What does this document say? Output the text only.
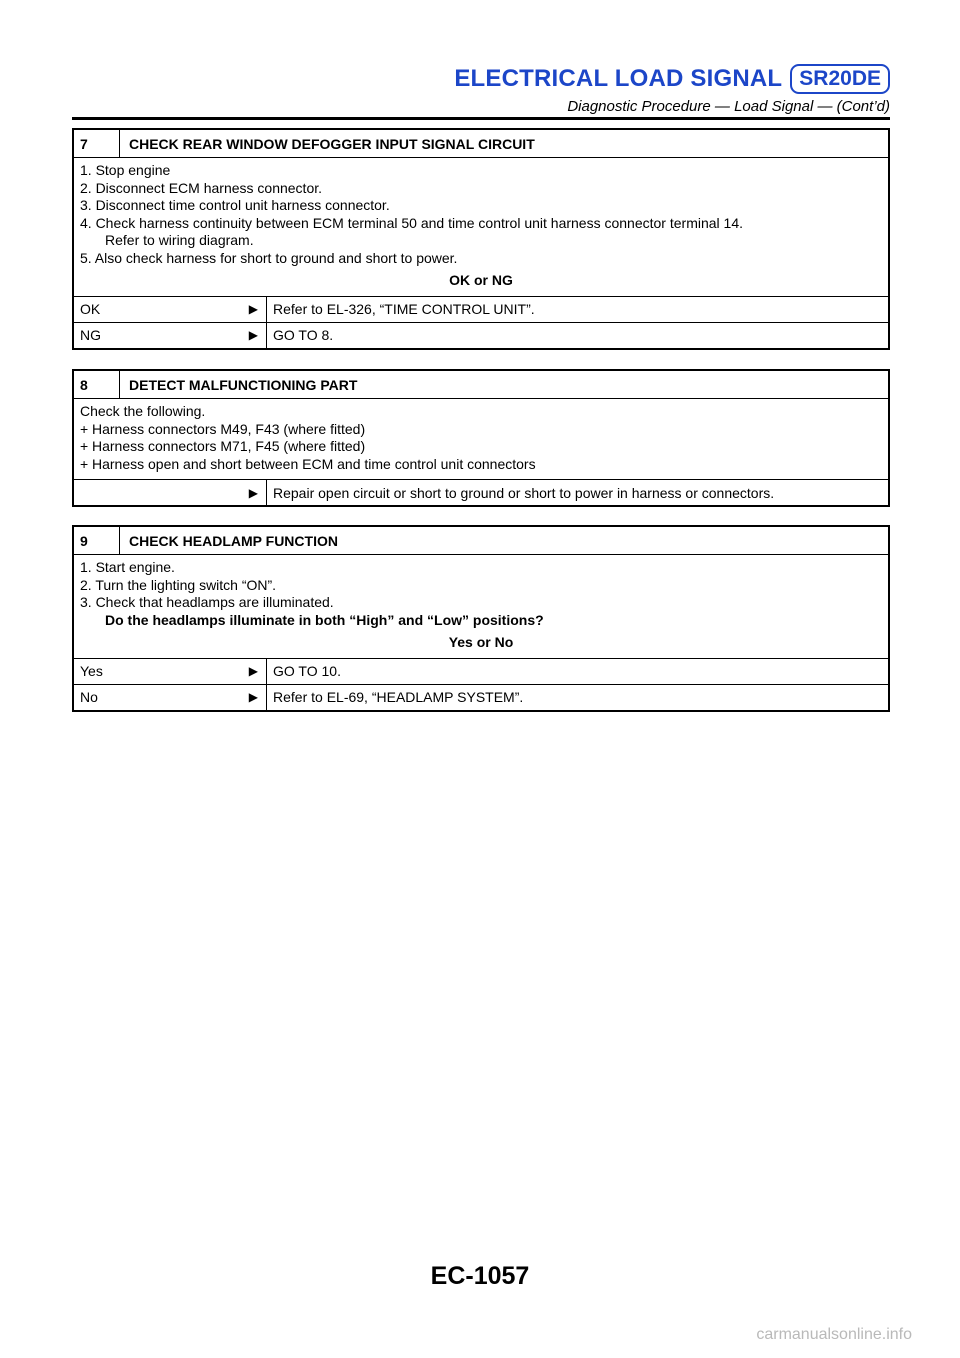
ELECTRICAL LOAD SIGNAL SR20DE
Diagnostic Procedure — Load Signal — (Cont’d)
7	CHECK REAR WINDOW DEFOGGER INPUT SIGNAL CIRCUIT
1. Stop engine
2. Disconnect ECM harness connector.
3. Disconnect time control unit harness connector.
4. Check harness continuity between ECM terminal 50 and time control unit harness connector terminal 14.
Refer to wiring diagram.
5. Also check harness for short to ground and short to power.
OK or NG
OK	▶	Refer to EL-326, “TIME CONTROL UNIT”.
NG	▶	GO TO 8.
8	DETECT MALFUNCTIONING PART
Check the following.
+ Harness connectors M49, F43 (where fitted)
+ Harness connectors M71, F45 (where fitted)
+ Harness open and short between ECM and time control unit connectors
▶	Repair open circuit or short to ground or short to power in harness or connectors.
9	CHECK HEADLAMP FUNCTION
1. Start engine.
2. Turn the lighting switch “ON”.
3. Check that headlamps are illuminated.
Do the headlamps illuminate in both “High” and “Low” positions?
Yes or No
Yes	▶	GO TO 10.
No	▶	Refer to EL-69, “HEADLAMP SYSTEM”.
EC-1057
carmanualsonline.info
